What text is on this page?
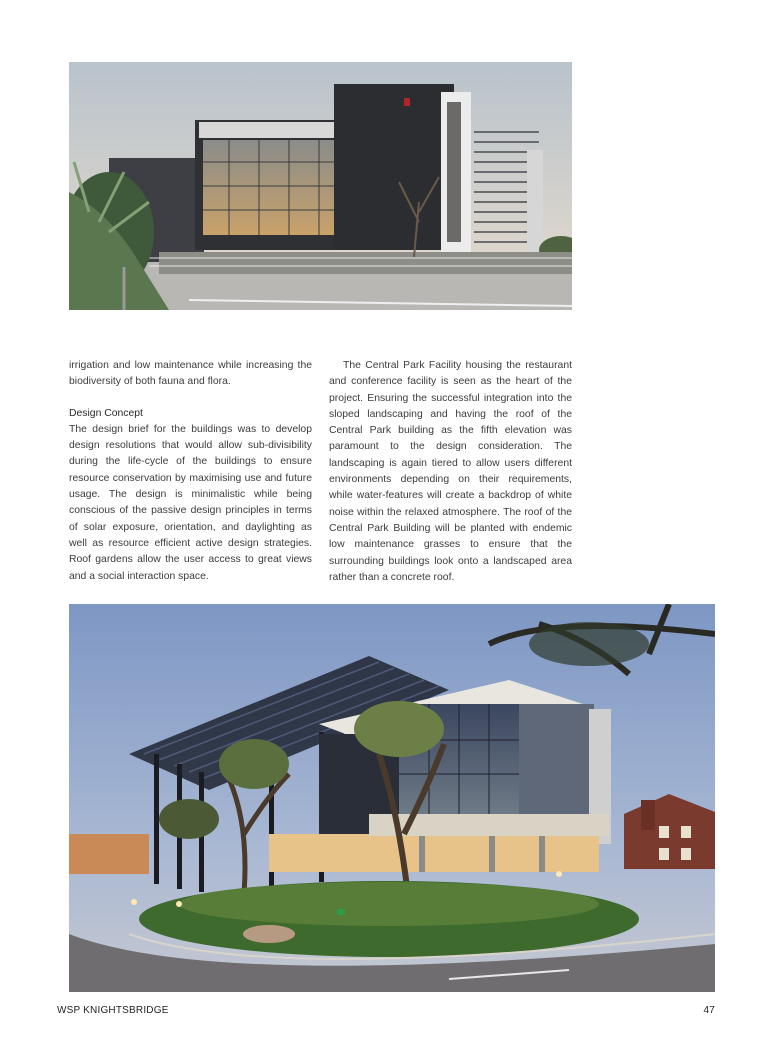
irrigation and low maintenance while increasing the biodiversity of both fauna and flora.

Design Concept

The design brief for the buildings was to develop design resolutions that would allow sub-divisibility during the life-cycle of the buildings to ensure resource conservation by maximising use and future usage. The design is minimalistic while being conscious of the passive design principles in terms of solar exposure, orientation, and daylighting as well as resource efficient active design strategies. Roof gardens allow the user access to great views and a social interaction space.

The Central Park Facility housing the restaurant and conference facility is seen as the heart of the project. Ensuring the successful integration into the sloped landscaping and having the roof of the Central Park building as the fifth elevation was paramount to the design consideration. The landscaping is again tiered to allow users different environments depending on their requirements, while water-features will create a backdrop of white noise within the relaxed atmosphere. The roof of the Central Park Building will be planted with endemic low maintenance grasses to ensure that the surrounding buildings look onto a landscaped area rather than a concrete roof.

WSP KNIGHTSBRIDGE	47
